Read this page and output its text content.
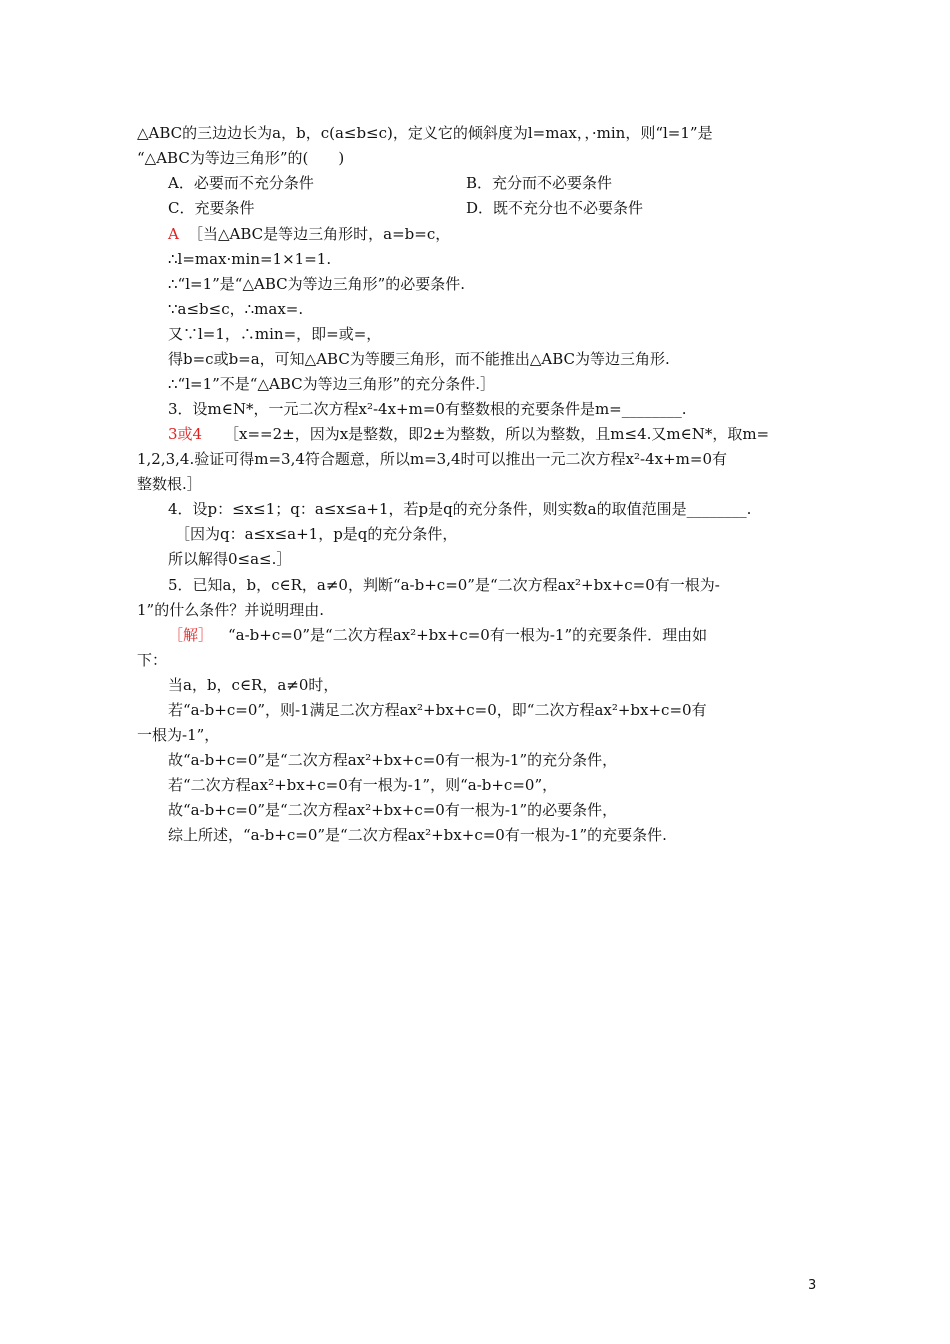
△ABC的三边边长为a，b，c(a≤b≤c)，定义它的倾斜度为l=max，，·min，则“l=1”是
“△ABC为等边三角形”的(　　)
A．必要而不充分条件	B．充分而不必要条件
C．充要条件	D．既不充分也不必要条件
A ［当△ABC是等边三角形时，a=b=c，
∴l=max·min=1×1=1.
∴“l=1”是“△ABC为等边三角形”的必要条件.
∵a≤b≤c，∴max=.
又∵l=1，∴min=，即=或=，
得b=c或b=a，可知△ABC为等腰三角形，而不能推出△ABC为等边三角形.
∴“l=1”不是“△ABC为等边三角形”的充分条件.］
3．设m∈N*，一元二次方程x²-4x+m=0有整数根的充要条件是m=________.
3或4 ［x==2±，因为x是整数，即2±为整数，所以为整数，且m≤4.又m∈N*，取m=
1,2,3,4.验证可得m=3,4符合题意，所以m=3,4时可以推出一元二次方程x²-4x+m=0有
整数根.］
4．设p：≤x≤1；q：a≤x≤a+1，若p是q的充分条件，则实数a的取值范围是________.
［因为q：a≤x≤a+1，p是q的充分条件，
所以解得0≤a≤.］
5．已知a，b，c∈R，a≠0，判断“a-b+c=0”是“二次方程ax²+bx+c=0有一根为-
1”的什么条件？并说明理由.
［解］ “a-b+c=0”是“二次方程ax²+bx+c=0有一根为-1”的充要条件．理由如
下：
当a，b，c∈R，a≠0时，
若“a-b+c=0”，则-1满足二次方程ax²+bx+c=0，即“二次方程ax²+bx+c=0有
一根为-1”，
故“a-b+c=0”是“二次方程ax²+bx+c=0有一根为-1”的充分条件，
若“二次方程ax²+bx+c=0有一根为-1”，则“a-b+c=0”，
故“a-b+c=0”是“二次方程ax²+bx+c=0有一根为-1”的必要条件，
综上所述，“a-b+c=0”是“二次方程ax²+bx+c=0有一根为-1”的充要条件.
3
